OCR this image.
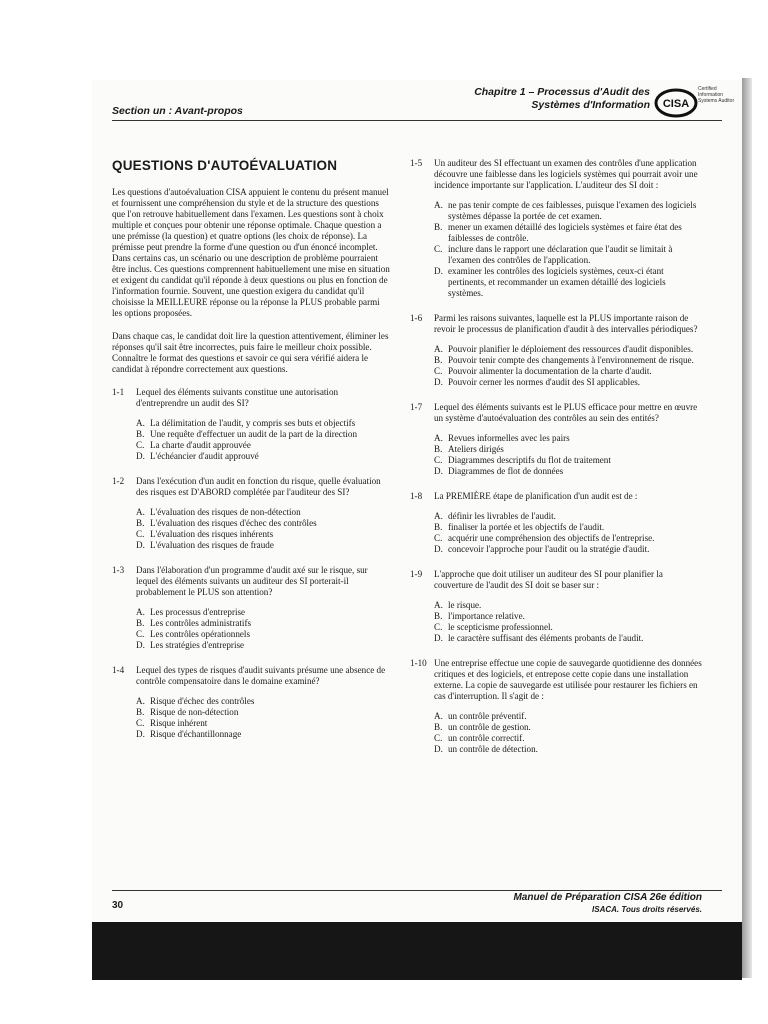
Chapitre 1 – Processus d'Audit des
Systèmes d'Information CISA
Certified Information Systems Auditor
Section un : Avant-propos
QUESTIONS D'AUTOÉVALUATION

Les questions d'autoévaluation CISA appuient le contenu du présent manuel et fournissent une compréhension du style et de la structure des questions que l'on retrouve habituellement dans l'examen. Les questions sont à choix multiple et conçues pour obtenir une réponse optimale. Chaque question a une prémisse (la question) et quatre options (les choix de réponse). La prémisse peut prendre la forme d'une question ou d'un énoncé incomplet. Dans certains cas, un scénario ou une description de problème pourraient être inclus. Ces questions comprennent habituellement une mise en situation et exigent du candidat qu'il réponde à deux questions ou plus en fonction de l'information fournie. Souvent, une question exigera du candidat qu'il choisisse la MEILLEURE réponse ou la réponse la PLUS probable parmi les options proposées.

Dans chaque cas, le candidat doit lire la question attentivement, éliminer les réponses qu'il sait être incorrectes, puis faire le meilleur choix possible. Connaître le format des questions et savoir ce qui sera vérifié aidera le candidat à répondre correctement aux questions.

1-1	Lequel des éléments suivants constitue une autorisation d'entreprendre un audit des SI?
A. La délimitation de l'audit, y compris ses buts et objectifs
B. Une requête d'effectuer un audit de la part de la direction
C. La charte d'audit approuvée
D. L'échéancier d'audit approuvé
1-2	Dans l'exécution d'un audit en fonction du risque, quelle évaluation des risques est D'ABORD complétée par l'auditeur des SI?
A. L'évaluation des risques de non-détection
B. L'évaluation des risques d'échec des contrôles
C. L'évaluation des risques inhérents
D. L'évaluation des risques de fraude
1-3	Dans l'élaboration d'un programme d'audit axé sur le risque, sur lequel des éléments suivants un auditeur des SI porterait-il probablement le PLUS son attention?
A. Les processus d'entreprise
B. Les contrôles administratifs
C. Les contrôles opérationnels
D. Les stratégies d'entreprise
1-4	Lequel des types de risques d'audit suivants présume une absence de contrôle compensatoire dans le domaine examiné?
A. Risque d'échec des contrôles
B. Risque de non-détection
C. Risque inhérent
D. Risque d'échantillonnage
1-5	Un auditeur des SI effectuant un examen des contrôles d'une application découvre une faiblesse dans les logiciels systèmes qui pourrait avoir une incidence importante sur l'application. L'auditeur des SI doit :
A. ne pas tenir compte de ces faiblesses, puisque l'examen des logiciels systèmes dépasse la portée de cet examen.
B. mener un examen détaillé des logiciels systèmes et faire état des faiblesses de contrôle.
C. inclure dans le rapport une déclaration que l'audit se limitait à l'examen des contrôles de l'application.
D. examiner les contrôles des logiciels systèmes, ceux-ci étant pertinents, et recommander un examen détaillé des logiciels systèmes.
1-6	Parmi les raisons suivantes, laquelle est la PLUS importante raison de revoir le processus de planification d'audit à des intervalles périodiques?
A. Pouvoir planifier le déploiement des ressources d'audit disponibles.
B. Pouvoir tenir compte des changements à l'environnement de risque.
C. Pouvoir alimenter la documentation de la charte d'audit.
D. Pouvoir cerner les normes d'audit des SI applicables.
1-7	Lequel des éléments suivants est le PLUS efficace pour mettre en œuvre un système d'autoévaluation des contrôles au sein des entités?
A. Revues informelles avec les pairs
B. Ateliers dirigés
C. Diagrammes descriptifs du flot de traitement
D. Diagrammes de flot de données
1-8	La PREMIÈRE étape de planification d'un audit est de :
A. définir les livrables de l'audit.
B. finaliser la portée et les objectifs de l'audit.
C. acquérir une compréhension des objectifs de l'entreprise.
D. concevoir l'approche pour l'audit ou la stratégie d'audit.
1-9	L'approche que doit utiliser un auditeur des SI pour planifier la couverture de l'audit des SI doit se baser sur :
A. le risque.
B. l'importance relative.
C. le scepticisme professionnel.
D. le caractère suffisant des éléments probants de l'audit.
1-10 Une entreprise effectue une copie de sauvegarde quotidienne des données critiques et des logiciels, et entrepose cette copie dans une installation externe. La copie de sauvegarde est utilisée pour restaurer les fichiers en cas d'interruption. Il s'agit de :
A. un contrôle préventif.
B. un contrôle de gestion.
C. un contrôle correctif.
D. un contrôle de détection.
30
Manuel de Préparation CISA 26e édition
ISACA. Tous droits réservés.
